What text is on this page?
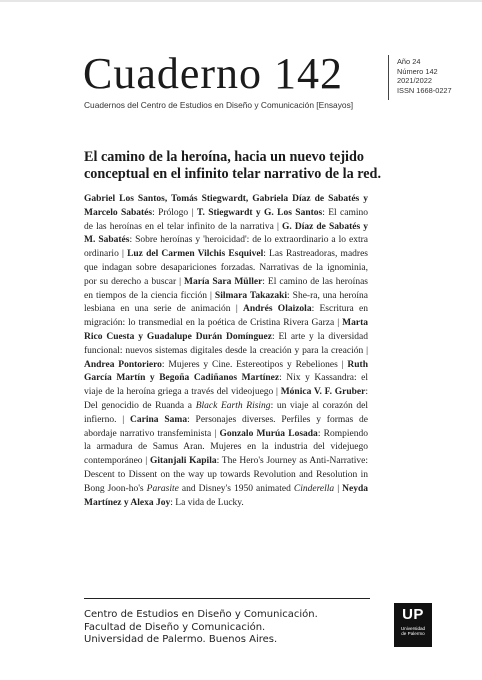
Cuaderno 142
Cuadernos del Centro de Estudios en Diseño y Comunicación [Ensayos]
Año 24
Número 142
2021/2022
ISSN 1668-0227
El camino de la heroína, hacia un nuevo tejido conceptual en el infinito telar narrativo de la red.
Gabriel Los Santos, Tomás Stiegwardt, Gabriela Díaz de Sabatés y Marcelo Sabatés: Prólogo | T. Stiegwardt y G. Los Santos: El camino de las heroínas en el telar infinito de la narrativa | G. Díaz de Sabatés y M. Sabatés: Sobre heroínas y 'heroicidad': de lo extraordinario a lo extra ordinario | Luz del Carmen Vilchis Esquivel: Las Rastreadoras, madres que indagan sobre desapariciones forzadas. Narrativas de la ignominia, por su derecho a buscar | María Sara Müller: El camino de las heroínas en tiempos de la ciencia ficción | Silmara Takazaki: She-ra, una heroína lesbiana en una serie de animación | Andrés Olaizola: Escritura en migración: lo transmedial en la poética de Cristina Rivera Garza | Marta Rico Cuesta y Guadalupe Durán Domínguez: El arte y la diversidad funcional: nuevos sistemas digitales desde la creación y para la creación | Andrea Pontoriero: Mujeres y Cine. Estereotipos y Rebeliones | Ruth García Martín y Begoña Cadiñanos Martínez: Nix y Kassandra: el viaje de la heroína griega a través del videojuego | Mónica V. F. Gruber: Del genocidio de Ruanda a Black Earth Rising: un viaje al corazón del infierno. | Carina Sama: Personajes diverses. Perfiles y formas de abordaje narrativo transfeminista | Gonzalo Murúa Losada: Rompiendo la armadura de Samus Aran. Mujeres en la industria del videjuego contemporáneo | Gitanjali Kapila: The Hero's Journey as Anti-Narrative: Descent to Dissent on the way up towards Revolution and Resolution in Bong Joon-ho's Parasite and Disney's 1950 animated Cinderella | Neyda Martínez y Alexa Joy: La vida de Lucky.
Centro de Estudios en Diseño y Comunicación.
Facultad de Diseño y Comunicación.
Universidad de Palermo. Buenos Aires.
UP
Universidad
de Palermo
